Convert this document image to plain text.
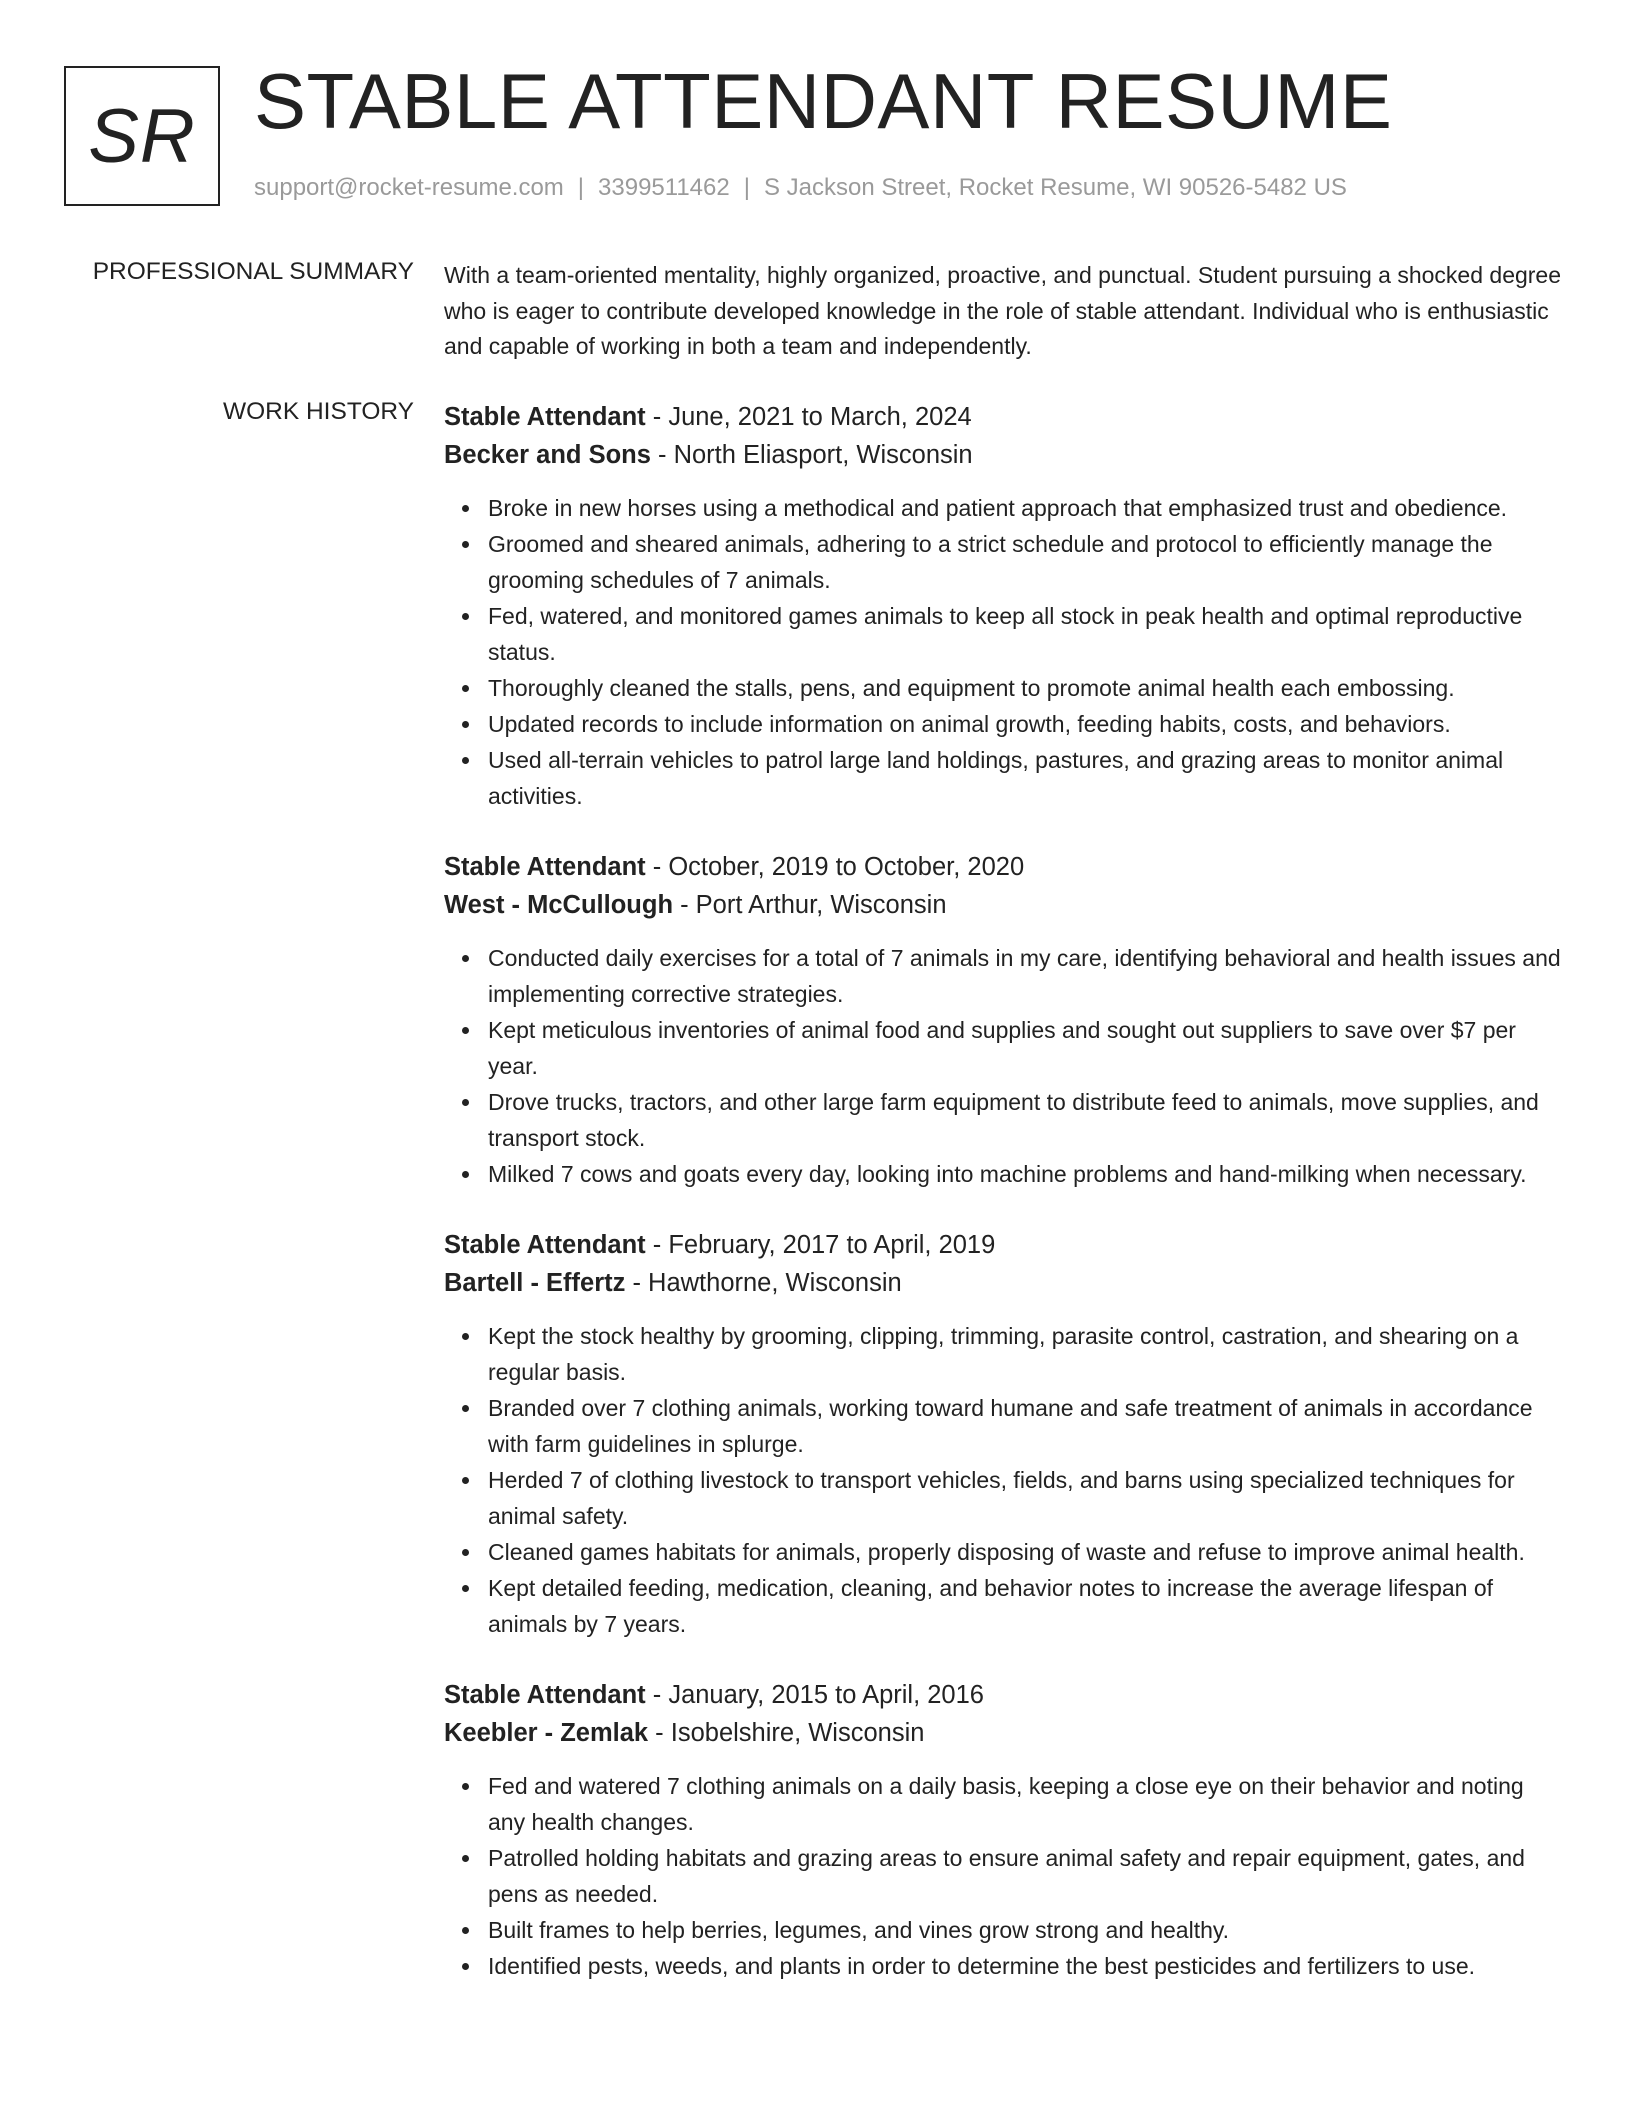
SR STABLE ATTENDANT RESUME
support@rocket-resume.com | 3399511462 | S Jackson Street, Rocket Resume, WI 90526-5482 US
PROFESSIONAL SUMMARY With a team-oriented mentality, highly organized, proactive, and punctual. Student pursuing a shocked degree who is eager to contribute developed knowledge in the role of stable attendant. Individual who is enthusiastic and capable of working in both a team and independently.

WORK HISTORY Stable Attendant - June, 2021 to March, 2024
Becker and Sons - North Eliasport, Wisconsin
Broke in new horses using a methodical and patient approach that emphasized trust and obedience.
Groomed and sheared animals, adhering to a strict schedule and protocol to efficiently manage the grooming schedules of 7 animals.
Fed, watered, and monitored games animals to keep all stock in peak health and optimal reproductive status.
Thoroughly cleaned the stalls, pens, and equipment to promote animal health each embossing.
Updated records to include information on animal growth, feeding habits, costs, and behaviors.
Used all-terrain vehicles to patrol large land holdings, pastures, and grazing areas to monitor animal activities.
Stable Attendant - October, 2019 to October, 2020
West - McCullough - Port Arthur, Wisconsin
Conducted daily exercises for a total of 7 animals in my care, identifying behavioral and health issues and implementing corrective strategies.
Kept meticulous inventories of animal food and supplies and sought out suppliers to save over $7 per year.
Drove trucks, tractors, and other large farm equipment to distribute feed to animals, move supplies, and transport stock.
Milked 7 cows and goats every day, looking into machine problems and hand-milking when necessary.
Stable Attendant - February, 2017 to April, 2019
Bartell - Effertz - Hawthorne, Wisconsin
Kept the stock healthy by grooming, clipping, trimming, parasite control, castration, and shearing on a regular basis.
Branded over 7 clothing animals, working toward humane and safe treatment of animals in accordance with farm guidelines in splurge.
Herded 7 of clothing livestock to transport vehicles, fields, and barns using specialized techniques for animal safety.
Cleaned games habitats for animals, properly disposing of waste and refuse to improve animal health.
Kept detailed feeding, medication, cleaning, and behavior notes to increase the average lifespan of animals by 7 years.
Stable Attendant - January, 2015 to April, 2016
Keebler - Zemlak - Isobelshire, Wisconsin
Fed and watered 7 clothing animals on a daily basis, keeping a close eye on their behavior and noting any health changes.
Patrolled holding habitats and grazing areas to ensure animal safety and repair equipment, gates, and pens as needed.
Built frames to help berries, legumes, and vines grow strong and healthy.
Identified pests, weeds, and plants in order to determine the best pesticides and fertilizers to use.
